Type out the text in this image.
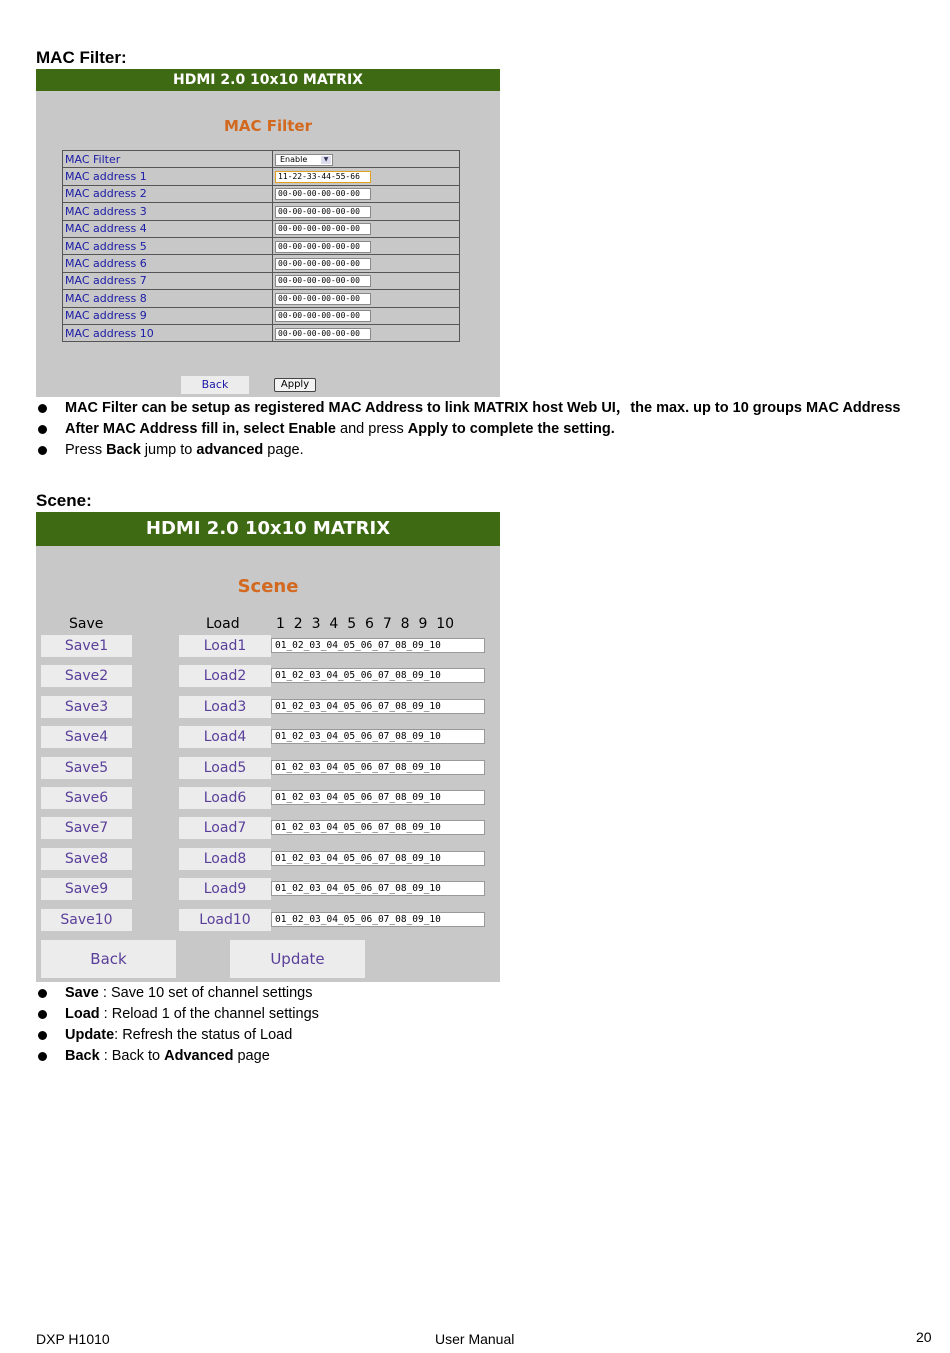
MAC Filter:
HDMI 2.0 10x10 MATRIX
MAC Filter
MAC Filter	Enable ▼

MAC address 1	11-22-33-44-55-66
MAC address 2	00-00-00-00-00-00
MAC address 3	00-00-00-00-00-00
MAC address 4	00-00-00-00-00-00
MAC address 5	00-00-00-00-00-00
MAC address 6	00-00-00-00-00-00
MAC address 7	00-00-00-00-00-00
MAC address 8	00-00-00-00-00-00
MAC address 9	00-00-00-00-00-00
MAC address 10	00-00-00-00-00-00
Back	Apply
MAC Filter can be setup as registered MAC Address to link MATRIX host Web UI，the max. up to 10 groups MAC Address
After MAC Address fill in, select Enable and press Apply to complete the setting.
Press Back jump to advanced page.
Scene:
HDMI 2.0 10x10 MATRIX
Scene
Save	Load	1  2  3  4  5  6  7  8  9  10
Save1	Load1	01_02_03_04_05_06_07_08_09_10
Save2	Load2	01_02_03_04_05_06_07_08_09_10
Save3	Load3	01_02_03_04_05_06_07_08_09_10
Save4	Load4	01_02_03_04_05_06_07_08_09_10
Save5	Load5	01_02_03_04_05_06_07_08_09_10
Save6	Load6	01_02_03_04_05_06_07_08_09_10
Save7	Load7	01_02_03_04_05_06_07_08_09_10
Save8	Load8	01_02_03_04_05_06_07_08_09_10
Save9	Load9	01_02_03_04_05_06_07_08_09_10
Save10	Load10	01_02_03_04_05_06_07_08_09_10
Back	Update
Save : Save 10 set of channel settings
Load : Reload 1 of the channel settings
Update: Refresh the status of Load
Back : Back to Advanced page
DXP H1010	User Manual	20
